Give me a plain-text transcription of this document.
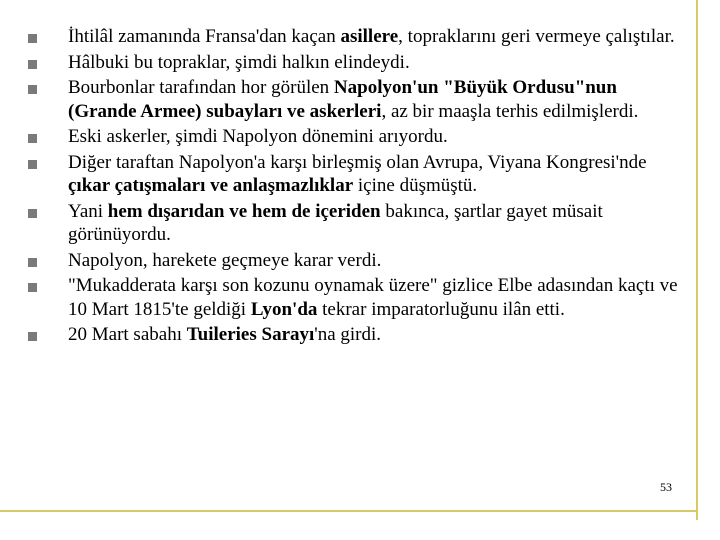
İhtilâl zamanında Fransa'dan kaçan asillere, topraklarını geri vermeye çalıştılar.
Hâlbuki bu topraklar, şimdi halkın elindeydi.
Bourbonlar tarafından hor görülen Napolyon'un "Büyük Ordusu"nun (Grande Armee) subayları ve askerleri, az bir maaşla terhis edilmişlerdi.
Eski askerler, şimdi Napolyon dönemini arıyordu.
Diğer taraftan Napolyon'a karşı birleşmiş olan Avrupa, Viyana Kongresi'nde çıkar çatışmaları ve anlaşmazlıklar içine düşmüştü.
Yani hem dışarıdan ve hem de içeriden bakınca, şartlar gayet müsait görünüyordu.
Napolyon, harekete geçmeye karar verdi.
"Mukadderata karşı son kozunu oynamak üzere" gizlice Elbe adasından kaçtı ve 10 Mart 1815'te geldiği Lyon'da tekrar imparatorluğunu ilân etti.
20 Mart sabahı Tuileries Sarayı'na girdi.
53
